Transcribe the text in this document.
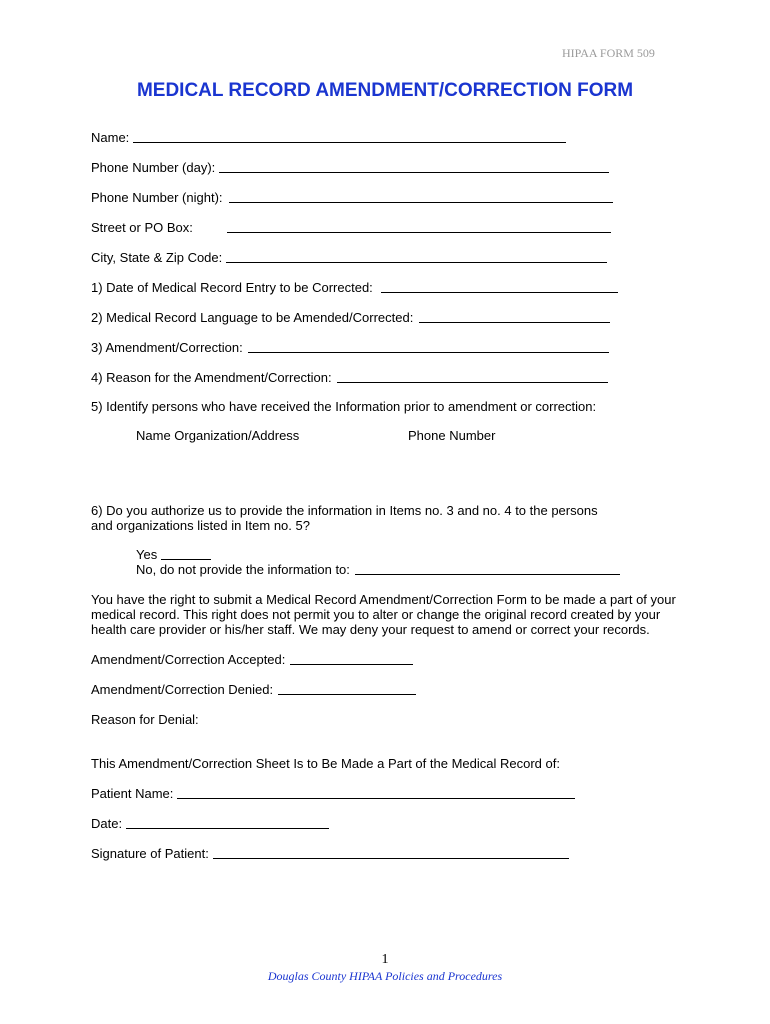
HIPAA FORM 509
MEDICAL RECORD AMENDMENT/CORRECTION FORM
Name:
Phone Number (day):
Phone Number (night):
Street or PO Box:
City, State & Zip Code:
1) Date of Medical Record Entry to be Corrected:
2) Medical Record Language to be Amended/Corrected:
3) Amendment/Correction:
4) Reason for the Amendment/Correction:
5) Identify persons who have received the Information prior to amendment or correction:
Name Organization/Address	Phone Number
6) Do you authorize us to provide the information in Items no. 3 and no. 4 to the persons and organizations listed in Item no. 5?
Yes
No, do not provide the information to:
You have the right to submit a Medical Record Amendment/Correction Form to be made a part of your medical record. This right does not permit you to alter or change the original record created by your health care provider or his/her staff. We may deny your request to amend or correct your records.
Amendment/Correction Accepted:
Amendment/Correction Denied:
Reason for Denial:
This Amendment/Correction Sheet Is to Be Made a Part of the Medical Record of:
Patient Name:
Date:
Signature of Patient:
1
Douglas County HIPAA Policies and Procedures
